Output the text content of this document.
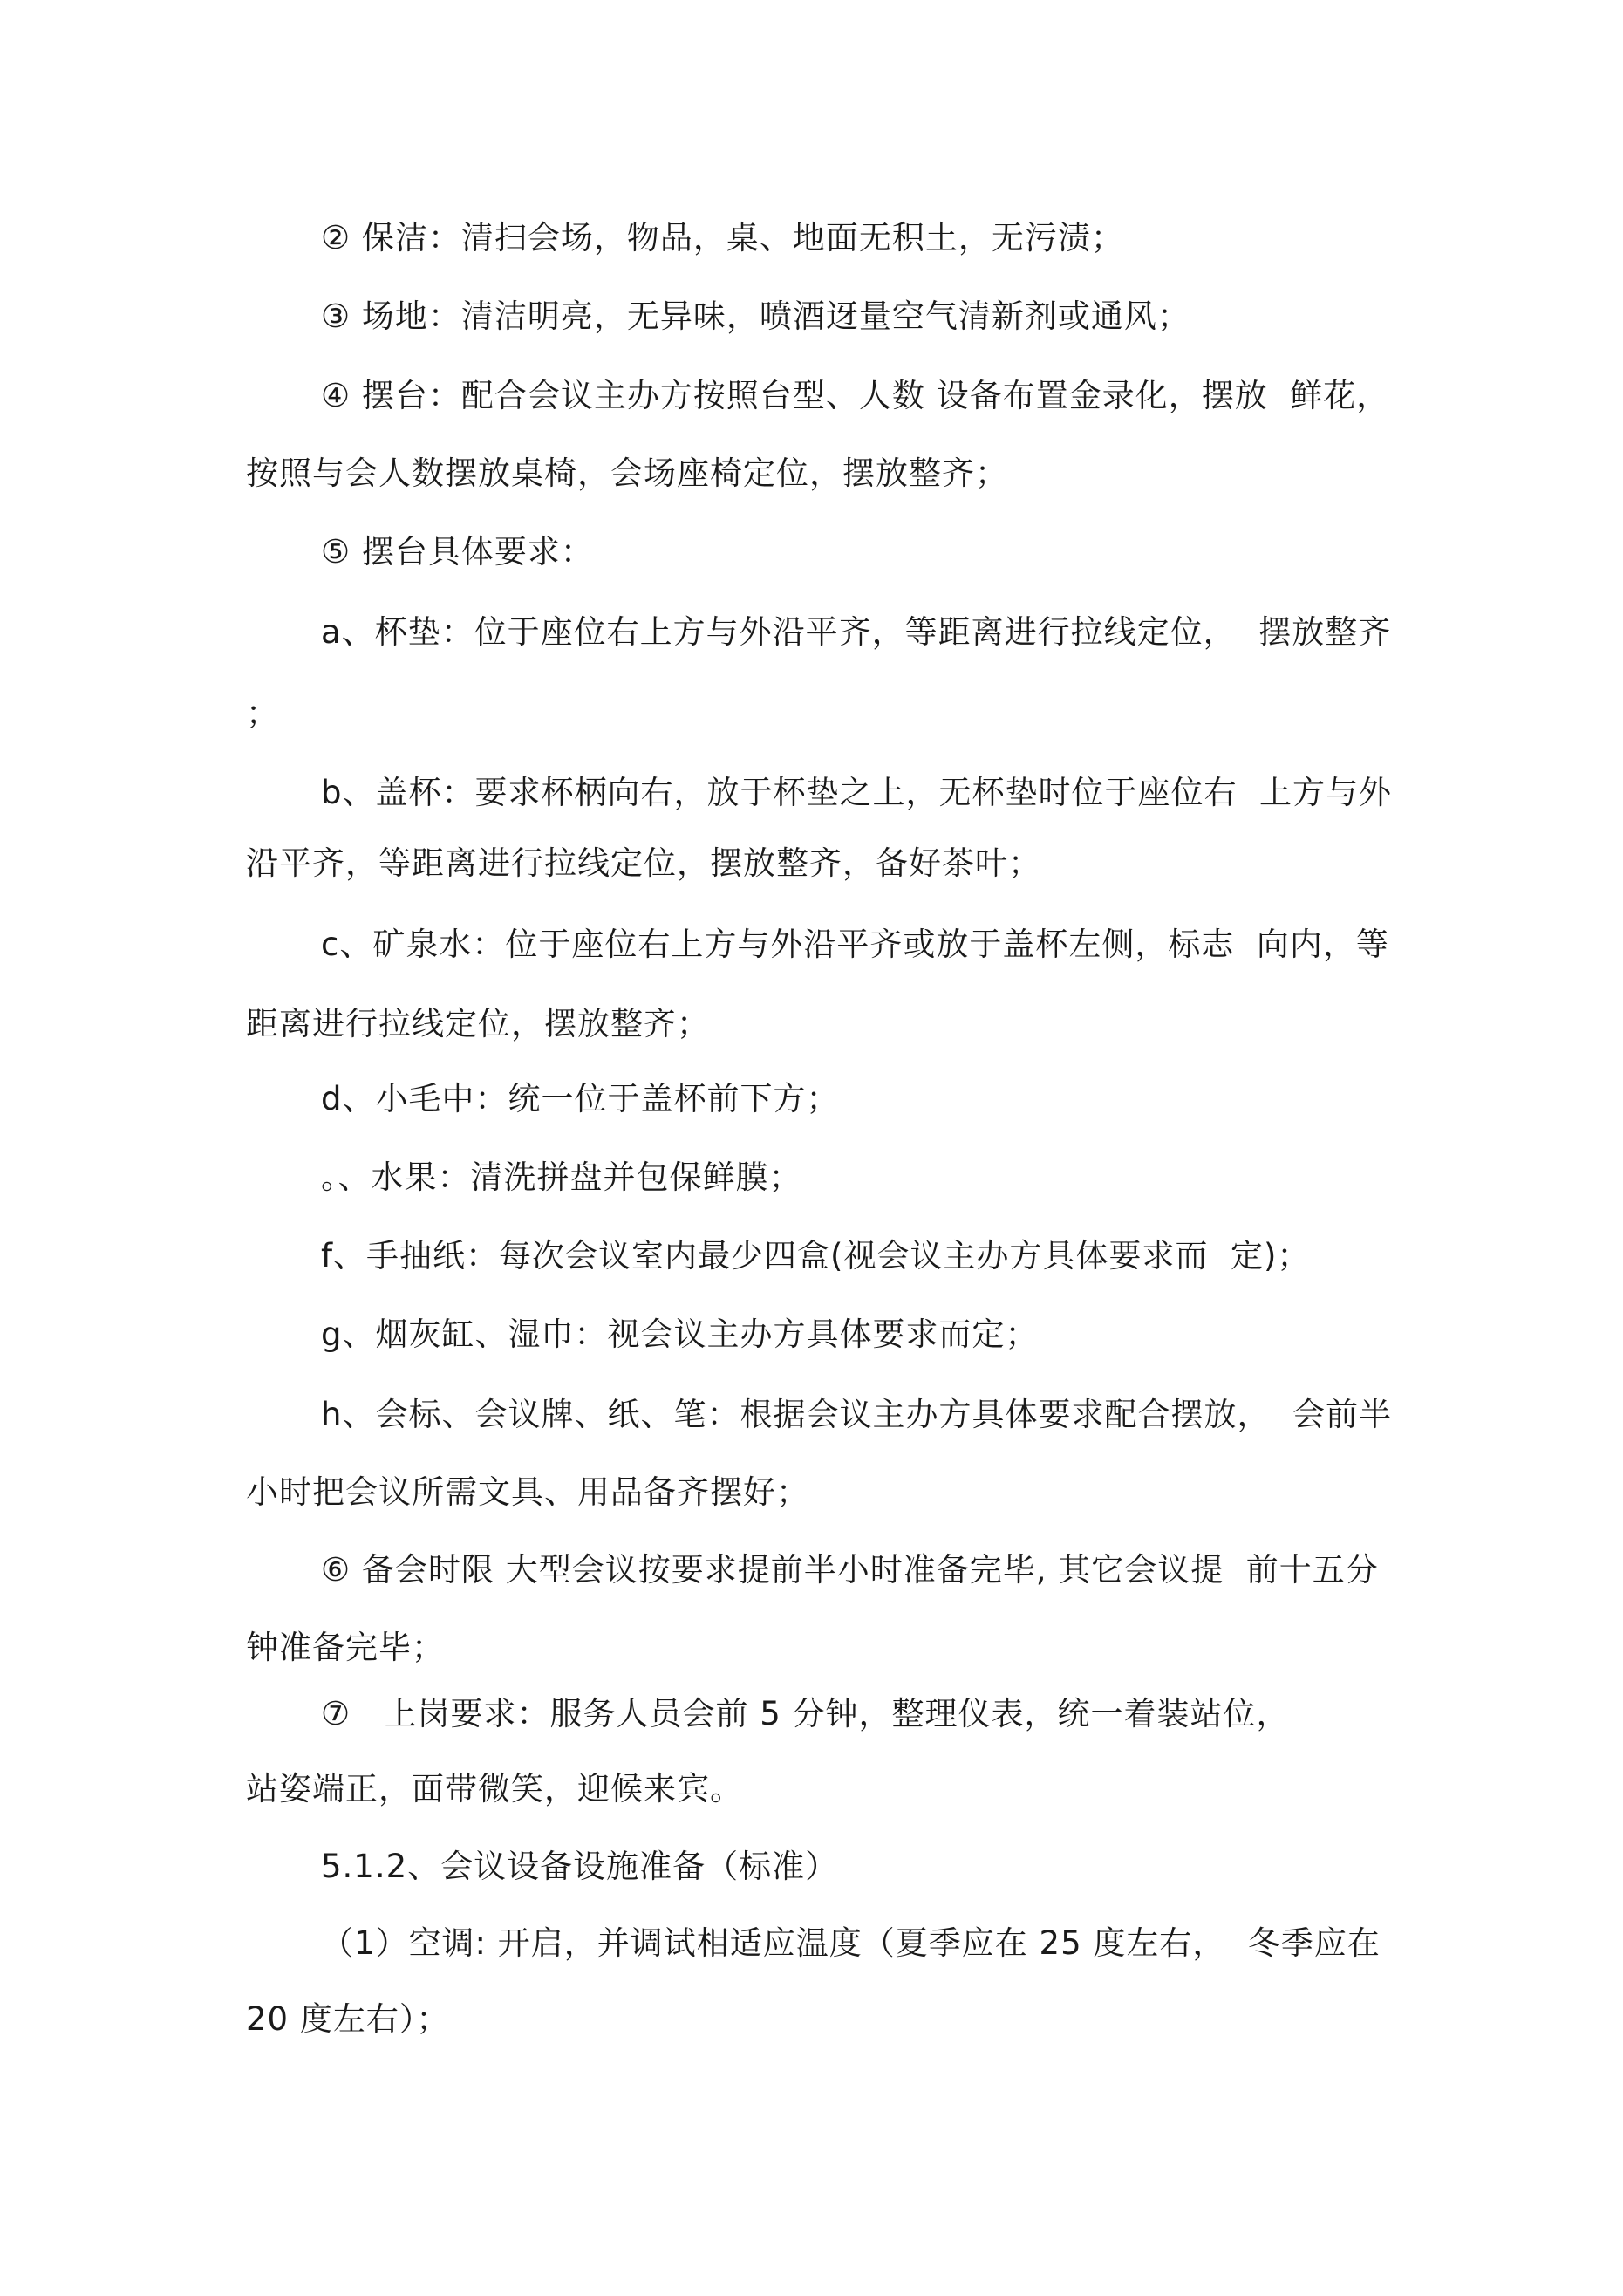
② 保洁：清扫会场，物品，桌、地面无积土，无污渍；
③ 场地：清洁明亮，无异味，喷酒迓量空气清新剂或通风；
④ 摆台：配合会议主办方按照台型、人数 设备布置金录化，摆放  鲜花，
按照与会人数摆放桌椅，会场座椅定位，摆放整齐；
⑤ 摆台具体要求：
a、杯垫：位于座位右上方与外沿平齐，等距离进行拉线定位，  摆放整齐
；
b、盖杯：要求杯柄向右，放于杯垫之上，无杯垫时位于座位右  上方与外
沿平齐，等距离进行拉线定位，摆放整齐，备好茶叶；
c、矿泉水：位于座位右上方与外沿平齐或放于盖杯左侧，标志  向内，等
距离进行拉线定位，摆放整齐；
d、小毛中：统一位于盖杯前下方；
。、水果：清洗拼盘并包保鲜膜；
f、手抽纸：每次会议室内最少四盒(视会议主办方具体要求而  定)；
g、烟灰缸、湿巾：视会议主办方具体要求而定；
h、会标、会议牌、纸、笔：根据会议主办方具体要求配合摆放，  会前半
小时把会议所需文具、用品备齐摆好；
⑥ 备会时限 大型会议按要求提前半小时准备完毕, 其它会议提  前十五分
钟准备完毕；
⑦   上岗要求：服务人员会前 5 分钟，整理仪表，统一着装站位，
站姿端正，面带微笑，迎候来宾。
5.1.2、会议设备设施准备（标准）
（1）空调: 开启，并调试相适应温度（夏季应在 25 度左右，  冬季应在
20 度左右）；
